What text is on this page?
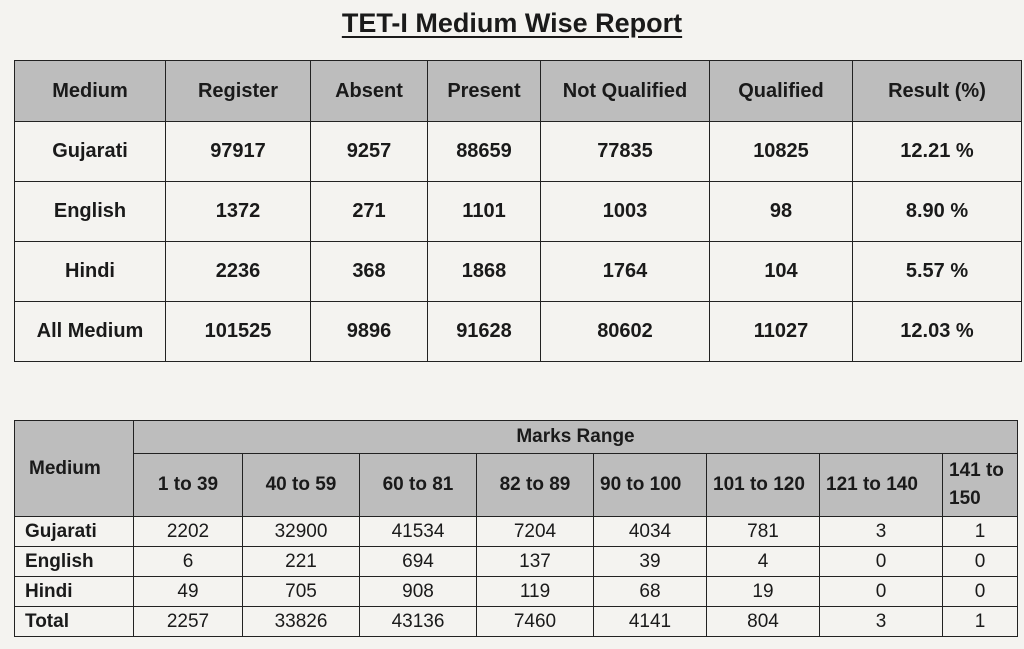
TET-I Medium Wise Report
Medium	Register	Absent	Present	Not Qualified	Qualified	Result (%)
Gujarati	97917	9257	88659	77835	10825	12.21 %
English	1372	271	1101	1003	98	8.90 %
Hindi	2236	368	1868	1764	104	5.57 %
All Medium	101525	9896	91628	80602	11027	12.03 %
Medium	Marks Range							
	1 to 39	40 to 59	60 to 81	82 to 89	90 to 100	101 to 120	121 to 140	141 to 150
Gujarati	2202	32900	41534	7204	4034	781	3	1
English	6	221	694	137	39	4	0	0
Hindi	49	705	908	119	68	19	0	0
Total	2257	33826	43136	7460	4141	804	3	1
